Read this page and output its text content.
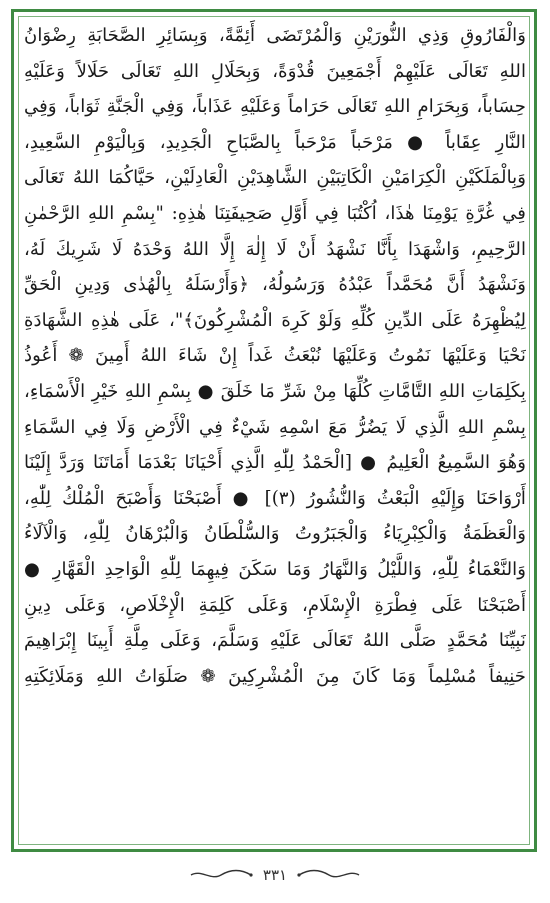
وَالْفَارُوقِ وَذِي النُّورَيْنِ وَالْمُرْتَضَى أَئِمَّةً، وَبِسَائِرِ الصَّحَابَةِ رِضْوَانُ
اللهِ تَعَالَى عَلَيْهِمْ أَجْمَعِينَ قُدْوَةً، وَبِحَلَالِ اللهِ تَعَالَى حَلَالاً وَعَلَيْهِ
حِسَاباً، وَبِحَرَامِ اللهِ تَعَالَى حَرَاماً وَعَلَيْهِ عَذَاباً، وَفِي الْجَنَّةِ ثَوَاباً، وَفِي
النَّارِ عِقَاباً ● مَرْحَباً مَرْحَباً بِالصَّبَاحِ الْجَدِيدِ، وَبِالْيَوْمِ السَّعِيدِ،
وَبِالْمَلَكَيْنِ الْكِرَامَيْنِ الْكَاتِبَيْنِ الشَّاهِدَيْنِ الْعَادِلَيْنِ، حَيَّاكُمَا اللهُ تَعَالَى
فِي غُرَّةِ يَوْمِنَا هٰذَا، اُكْتُبَا فِي أَوَّلِ صَحِيفَتِنَا هٰذِهِ: "بِسْمِ اللهِ الرَّحْمٰنِ
الرَّحِيمِ، وَاشْهَدَا بِأَنَّا نَشْهَدُ أَنْ لَا إِلٰهَ إِلَّا اللهُ وَحْدَهُ لَا شَرِيكَ لَهُ،
وَنَشْهَدُ أَنَّ مُحَمَّداً عَبْدُهُ وَرَسُولُهُ، ﴿وَأَرْسَلَهُ بِالْهُدٰى وَدِينِ الْحَقِّ
لِيُظْهِرَهُ عَلَى الدِّينِ كُلِّهِ وَلَوْ كَرِهَ الْمُشْرِكُونَ﴾"، عَلَى هٰذِهِ الشَّهَادَةِ
نَحْيَا وَعَلَيْهَا نَمُوتُ وَعَلَيْهَا نُبْعَثُ غَداً إِنْ شَاءَ اللهُ أَمِينَ ❁ أَعُوذُ
بِكَلِمَاتِ اللهِ التَّامَّاتِ كُلِّهَا مِنْ شَرِّ مَا خَلَقَ ● بِسْمِ اللهِ خَيْرِ الْأَسْمَاءِ،
بِسْمِ اللهِ الَّذِي لَا يَضُرُّ مَعَ اسْمِهِ شَيْءٌ فِي الْأَرْضِ وَلَا فِي السَّمَاءِ
وَهُوَ السَّمِيعُ الْعَلِيمُ ● [الْحَمْدُ لِلّٰهِ الَّذِي أَحْيَانَا بَعْدَمَا أَمَاتَنَا وَرَدَّ إِلَيْنَا
أَرْوَاحَنَا وَإِلَيْهِ الْبَعْثُ وَالنُّشُورُ (٣)] ● أَصْبَحْنَا وَأَصْبَحَ الْمُلْكُ لِلّٰهِ،
وَالْعَظَمَةُ وَالْكِبْرِيَاءُ وَالْجَبَرُوتُ وَالسُّلْطَانُ وَالْبُرْهَانُ لِلّٰهِ، وَالْآلَاءُ
وَالنَّعْمَاءُ لِلّٰهِ، وَاللَّيْلُ وَالنَّهَارُ وَمَا سَكَنَ فِيهِمَا لِلّٰهِ الْوَاحِدِ الْقَهَّارِ ●
أَصْبَحْنَا عَلَى فِطْرَةِ الْإِسْلَامِ، وَعَلَى كَلِمَةِ الْإِخْلَاصِ، وَعَلَى دِينِ
نَبِيِّنَا مُحَمَّدٍ صَلَّى اللهُ تَعَالَى عَلَيْهِ وَسَلَّمَ، وَعَلَى مِلَّةِ أَبِينَا إِبْرَاهِيمَ
حَنِيفاً مُسْلِماً وَمَا كَانَ مِنَ الْمُشْرِكِينَ ❁ صَلَوَاتُ اللهِ وَمَلَائِكَتِهِ
٣٣١
